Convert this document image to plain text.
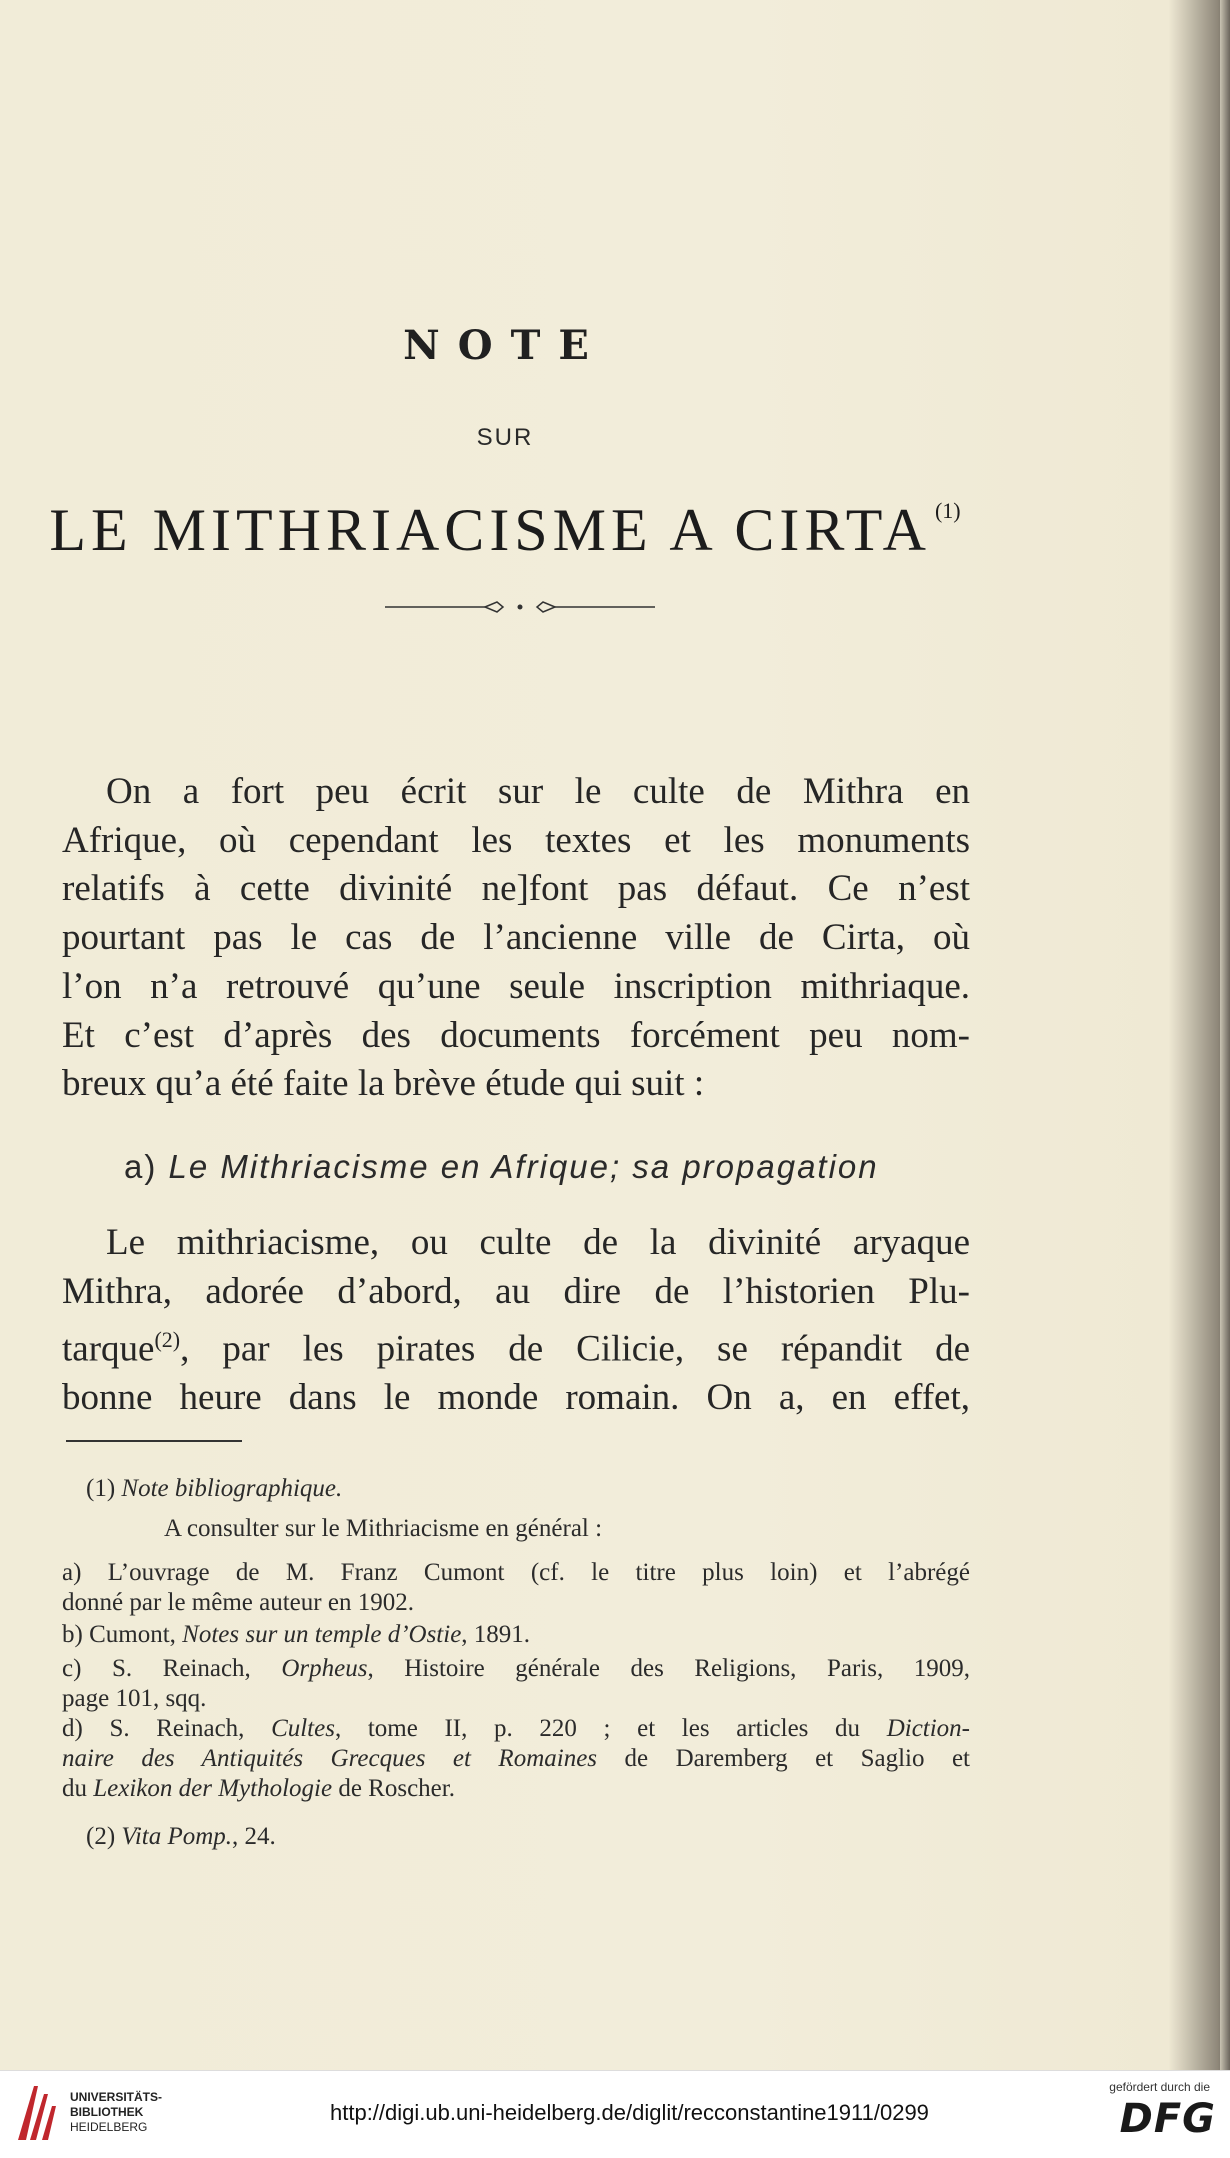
NOTE
SUR
LE MITHRIACISME A CIRTA $^{(1)}$
On a fort peu écrit sur le culte de Mithra en
Afrique, où cependant les textes et les monuments
relatifs à cette divinité ne]font pas défaut. Ce n’est
pourtant pas le cas de l’ancienne ville de Cirta, où
l’on n’a retrouvé qu’une seule inscription mithriaque.
Et c’est d’après des documents forcément peu nom-
breux qu’a été faite la brève étude qui suit :
a) Le Mithriacisme en Afrique; sa propagation
Le mithriacisme, ou culte de la divinité aryaque
Mithra, adorée d’abord, au dire de l’historien Plu-
tarque$^{(2)}$, par les pirates de Cilicie, se répandit de
bonne heure dans le monde romain. On a, en effet,
(1) Note bibliographique.
A consulter sur le Mithriacisme en général :
a) L’ouvrage de M. Franz Cumont (cf. le titre plus loin) et l’abrégé
donné par le même auteur en 1902.
b) Cumont, Notes sur un temple d’Ostie, 1891.
c) S. Reinach, Orpheus, Histoire générale des Religions, Paris, 1909,
page 101, sqq.
d) S. Reinach, Cultes, tome II, p. 220 ; et les articles du Diction-
naire des Antiquités Grecques et Romaines de Daremberg et Saglio et
du Lexikon der Mythologie de Roscher.
(2) Vita Pomp., 24.
UNIVERSITÄTS-
BIBLIOTHEK
HEIDELBERG
http://digi.ub.uni-heidelberg.de/diglit/recconstantine1911/0299
gefördert durch die
DFG
